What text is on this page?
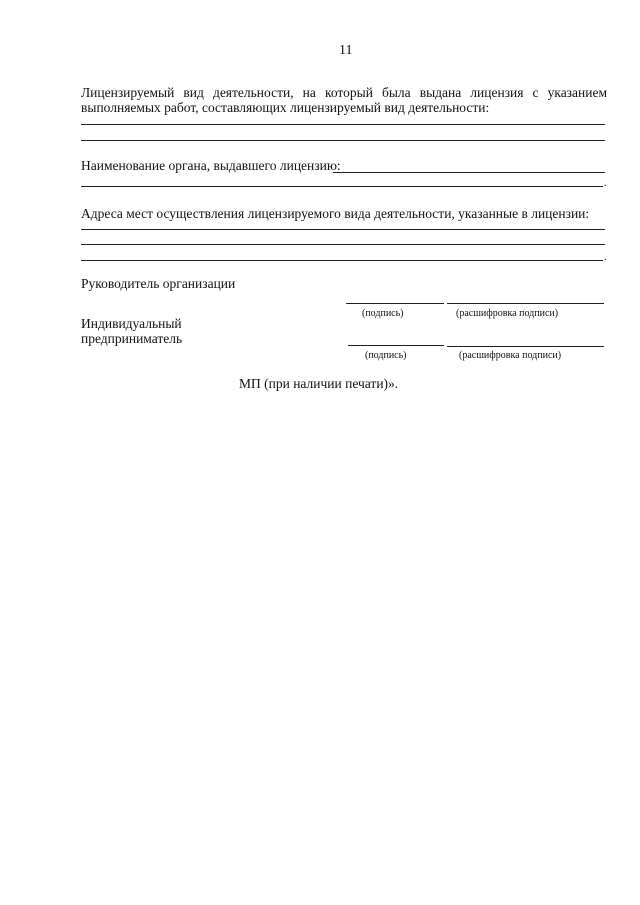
11
Лицензируемый вид деятельности, на который была выдана лицензия с указанием
выполняемых работ, составляющих лицензируемый вид деятельности:
Наименование органа, выдавшего лицензию:
.
Адреса мест осуществления лицензируемого вида деятельности, указанные в лицензии:
.
Руководитель организации
(подпись)	(расшифровка подписи)
Индивидуальный
предприниматель
(подпись)	(расшифровка подписи)
МП (при наличии печати)».
